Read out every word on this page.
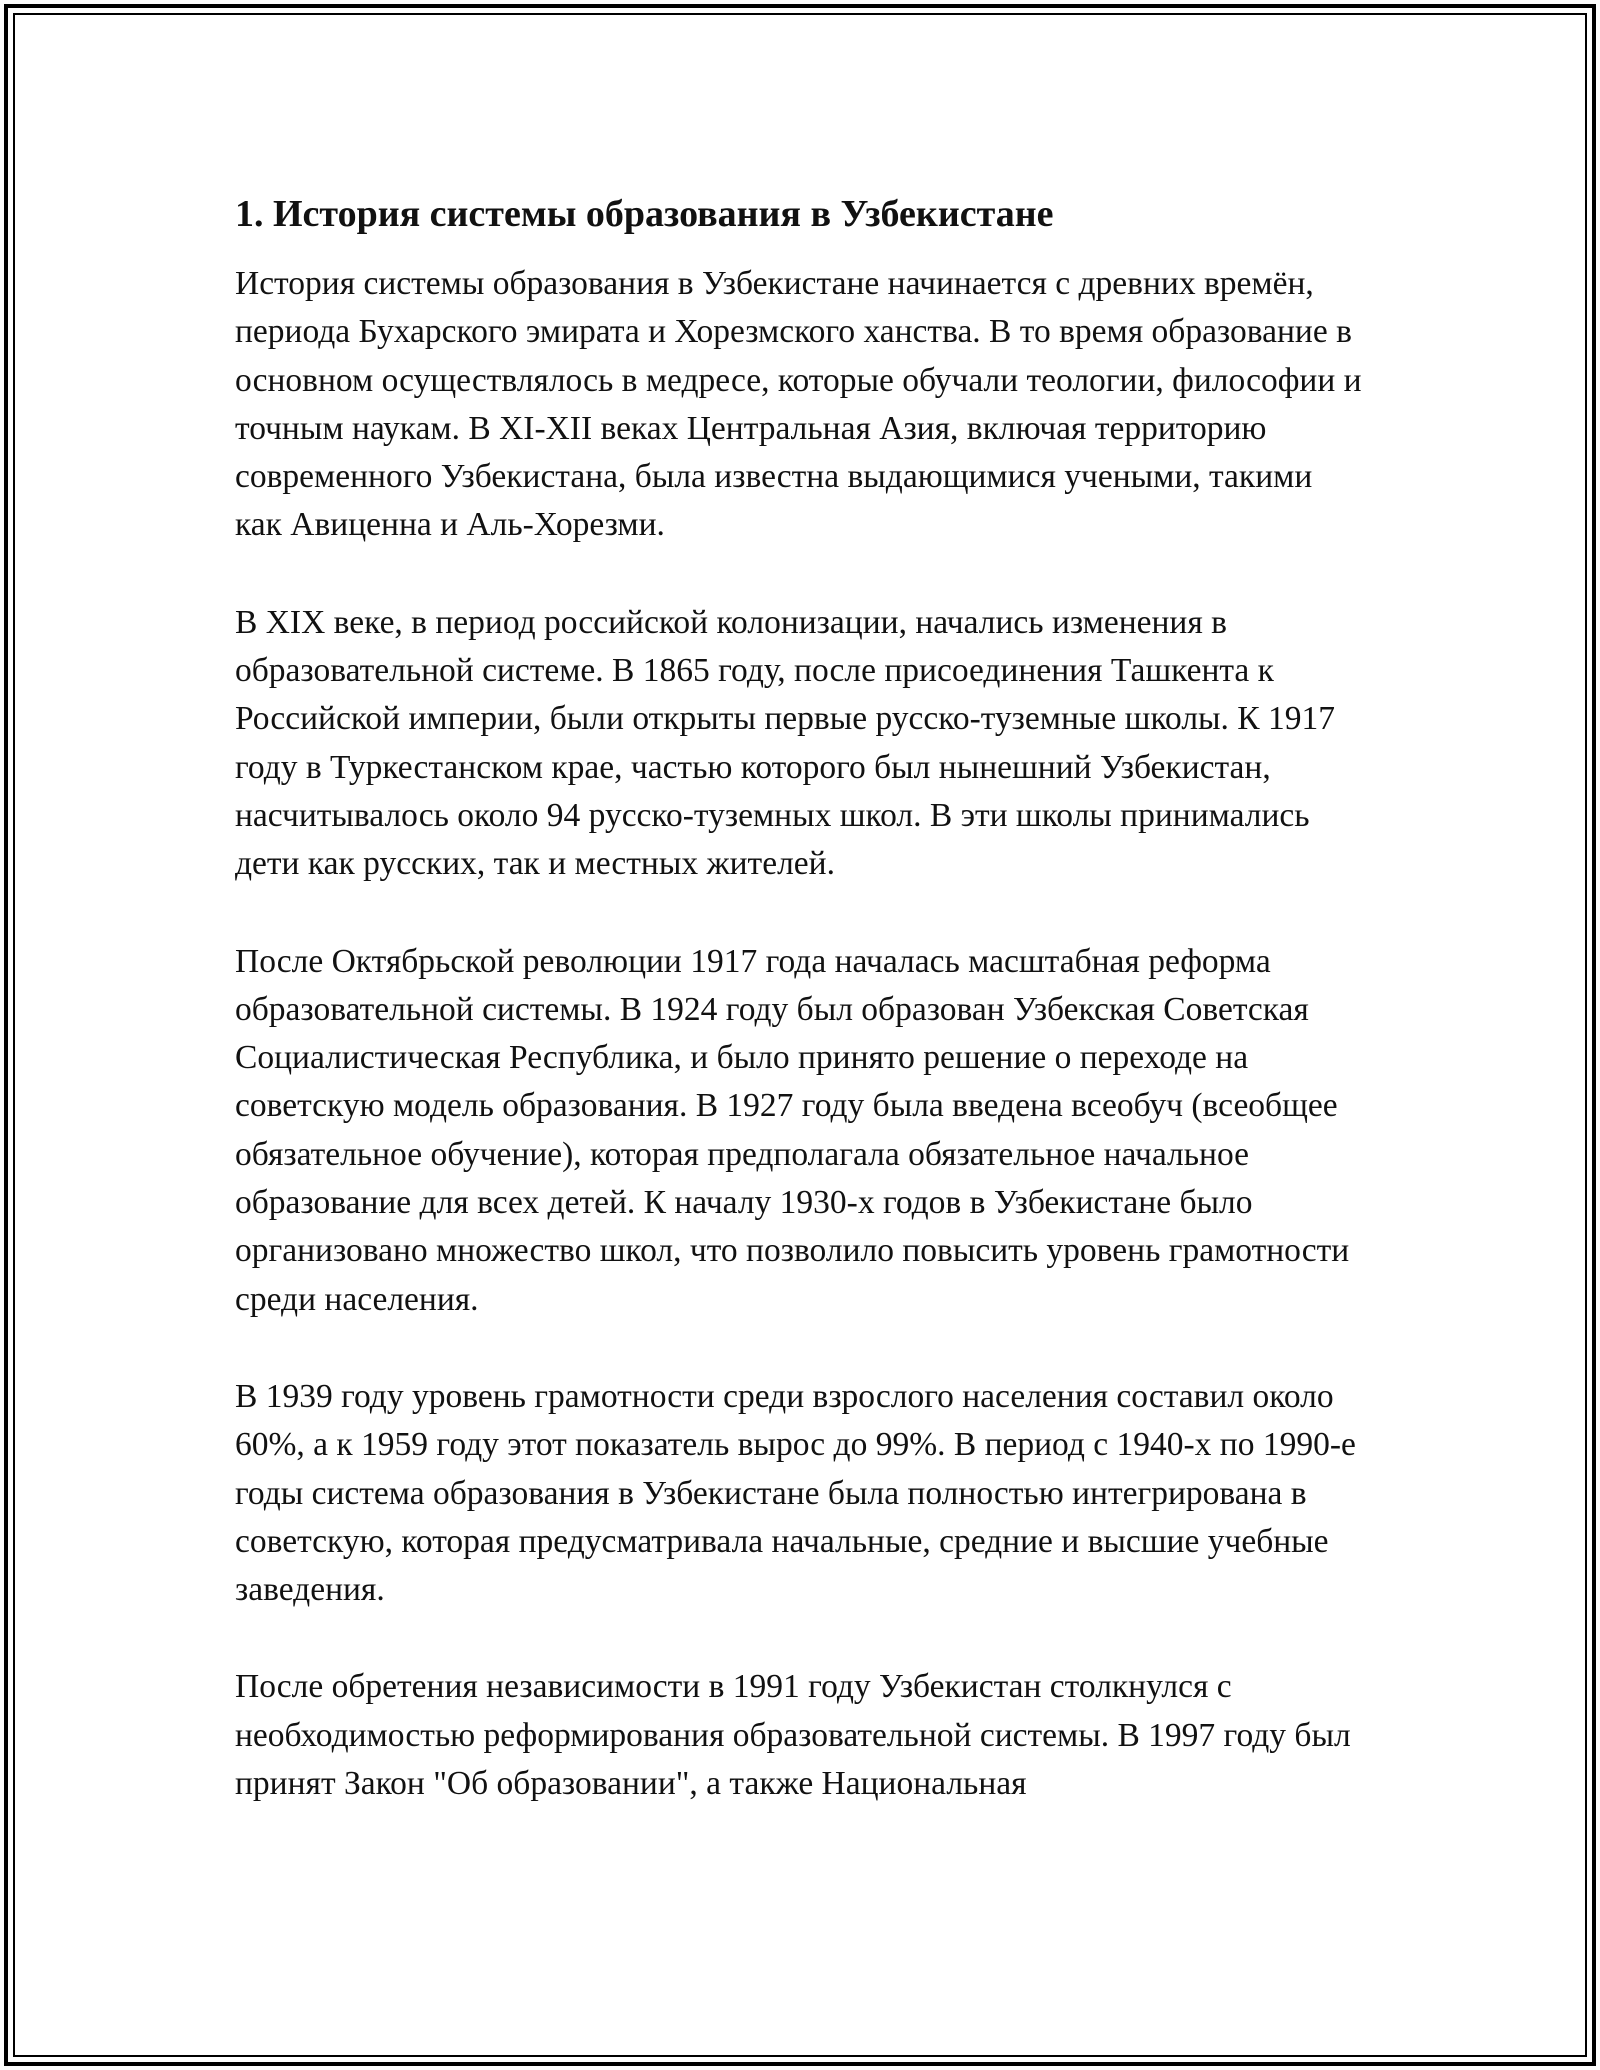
1. История системы образования в Узбекистане

История системы образования в Узбекистане начинается с древних времён, периода Бухарского эмирата и Хорезмского ханства. В то время образование в основном осуществлялось в медресе, которые обучали теологии, философии и точным наукам. В XI-XII веках Центральная Азия, включая территорию современного Узбекистана, была известна выдающимися учеными, такими как Авиценна и Аль-Хорезми.

В XIX веке, в период российской колонизации, начались изменения в образовательной системе. В 1865 году, после присоединения Ташкента к Российской империи, были открыты первые русско-туземные школы. К 1917 году в Туркестанском крае, частью которого был нынешний Узбекистан, насчитывалось около 94 русско-туземных школ. В эти школы принимались дети как русских, так и местных жителей.

После Октябрьской революции 1917 года началась масштабная реформа образовательной системы. В 1924 году был образован Узбекская Советская Социалистическая Республика, и было принято решение о переходе на советскую модель образования. В 1927 году была введена всеобуч (всеобщее обязательное обучение), которая предполагала обязательное начальное образование для всех детей. К началу 1930-х годов в Узбекистане было организовано множество школ, что позволило повысить уровень грамотности среди населения.

В 1939 году уровень грамотности среди взрослого населения составил около 60%, а к 1959 году этот показатель вырос до 99%. В период с 1940-х по 1990-е годы система образования в Узбекистане была полностью интегрирована в советскую, которая предусматривала начальные, средние и высшие учебные заведения.

После обретения независимости в 1991 году Узбекистан столкнулся с необходимостью реформирования образовательной системы. В 1997 году был принят Закон "Об образовании", а также Национальная
